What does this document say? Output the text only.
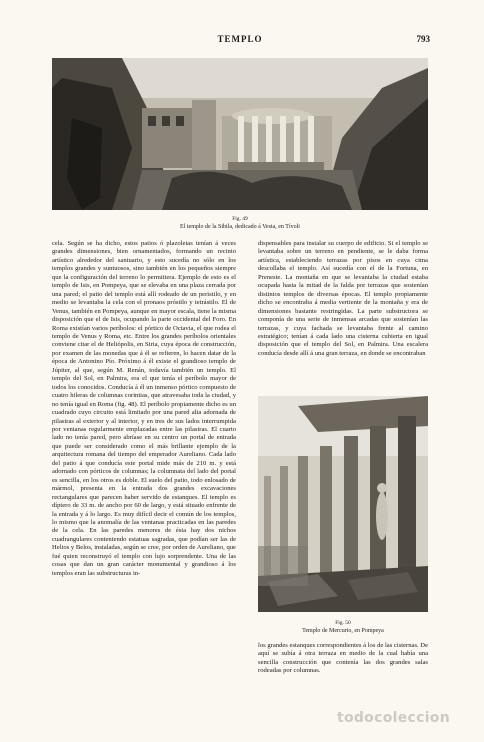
TEMPLO	793
Fig. 49
El templo de la Sibila, dedicado á Vesta, en Tívoli

cela. Según se ha dicho, estos patios ó plazoletas tenían á veces grandes dimensiones, bien ornamentados, formando un recinto artístico alrededor del santuario, y esto sucedía no sólo en los templos grandes y suntuosos, sino también en los pequeños siempre que la configuración del terreno lo permitiera. Ejemplo de esto es el templo de Isis, en Pompeya, que se elevaba en una plaza cerrada por una pared; el patio del templo está allí rodeado de un peristilo, y en medio se levantaba la cela con el pronaos próstilo y tetrástilo. El de Venus, también en Pompeya, aunque en mayor escala, tiene la misma disposición que el de Isis, ocupando la parte occidental del Foro. En Roma existían varios períbolos: el pórtico de Octavia, el que rodea el templo de Venus y Roma, etc. Entre los grandes períbolos orientales conviene citar el de Heliópolis, en Siria, cuya época de construcción, por examen de las monedas que á él se refieren, lo hacen datar de la época de Antonino Pío. Próximo á él existe el grandioso templo de Júpiter, al que, según M. Renán, todavía también un templo. El templo del Sol, en Palmira, era el que tenía el períbolo mayor de todos los conocidos. Conducía á él un inmenso pórtico compuesto de cuatro hileras de columnas corintias, que atravesaba toda la ciudad, y no tenía igual en Roma (fig. 48). El períbolo propiamente dicho es un cuadrado cuyo circuito está limitado por una pared alta adornada de pilastras al exterior y al interior, y en tres de sus lados interrumpida por ventanas regularmente emplazadas entre las pilastras. El cuarto lado no tenía pared, pero abríase en su centro un portal de entrada que puede ser considerado como el más brillante ejemplo de la arquitectura romana del tiempo del emperador Aureliano. Cada lado del patio á que conducía este portal mide más de 210 m. y está adornado con pórticos de columnas; la columnata del lado del portal es sencilla, en los otros es doble. El suelo del patio, todo enlosado de mármol, presenta en la entrada dos grandes excavaciones rectangulares que parecen haber servido de estanques. El templo es díptero de 33 m. de ancho por 60 de largo, y está situado enfrente de la entrada y á lo largo. Es muy difícil decir el común de los templos, lo mismo que la anomalía de las ventanas practicadas en las paredes de la cela. En las paredes menores de ésta hay dos nichos cuadrangulares conteniendo estatuas sagradas, que podían ser las de Helios y Belos, instaladas, según se cree, por orden de Aureliano, que fué quien reconstruyó el templo con lujo sorprendente. Una de las cosas que dan un gran carácter monumental y grandioso á los templos eran las substructuras in-

dispensables para instalar su cuerpo de edificio. Si el templo se levantaba sobre un terreno en pendiente, se le daba forma artística, estableciendo terrazas por pisos en cuya cima descollaba el templo. Así sucedía con el de la Fortuna, en Preneste. La montaña en que se levantaba la ciudad estaba ocupada hasta la mitad de la falda por terrazas que sostenían distintos templos de diversas épocas. El templo propiamente dicho se encontraba á media vertiente de la montaña y era de dimensiones bastante restringidas. La parte substructora se componía de una serie de inmensas arcadas que sostenían las terrazas, y cuya fachada se levantaba frente al camino estratégico; tenían á cada lado una cisterna cubierta en igual disposición que el templo del Sol, en Palmira. Una escalera conducía desde allí á una gran terraza, en donde se encontraban

Fig. 50
Templo de Mercurio, en Pompeya

los grandes estanques correspondientes á los de las cisternas. De aquí se subía á otra terraza en medio de la cual había una sencilla construcción que contenía las dos grandes salas rodeadas por columnas.

todocoleccion
